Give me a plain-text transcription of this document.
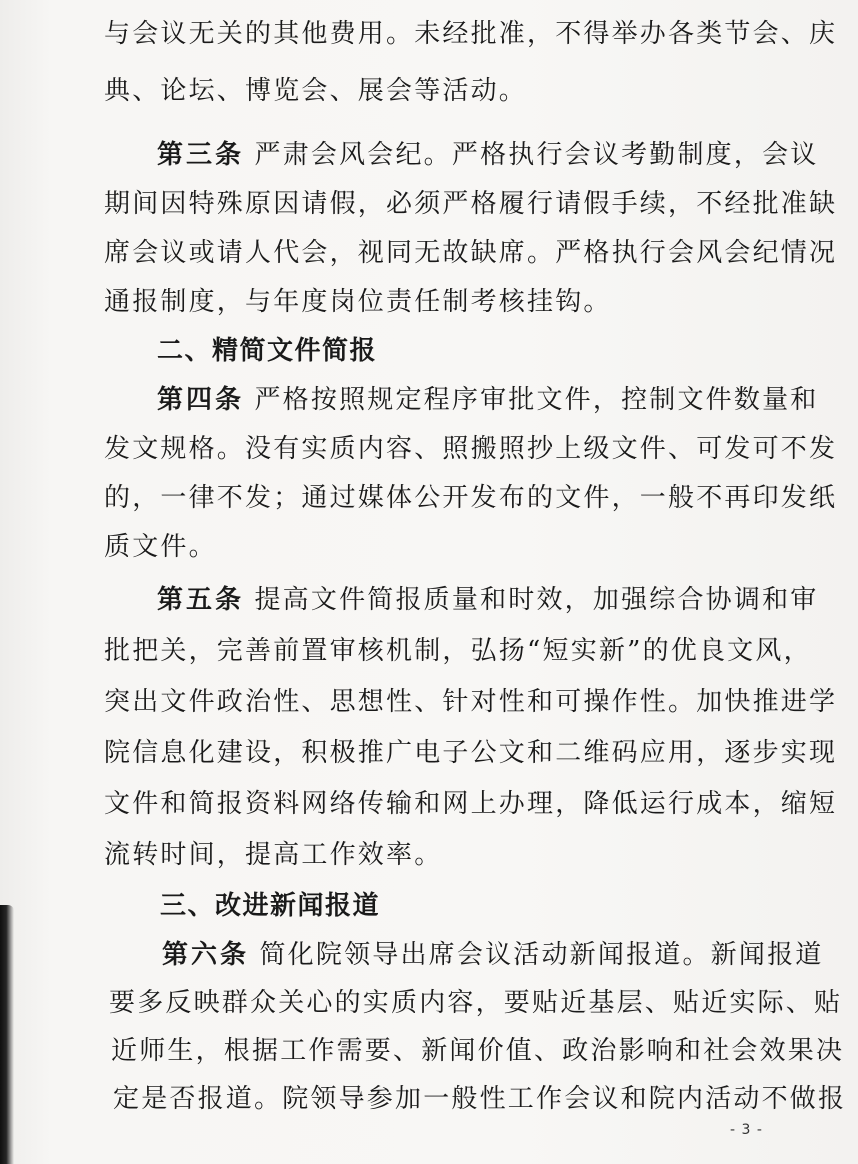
与会议无关的其他费用。未经批准，不得举办各类节会、庆
典、论坛、博览会、展会等活动。
第三条 严肃会风会纪。严格执行会议考勤制度，会议
期间因特殊原因请假，必须严格履行请假手续，不经批准缺
席会议或请人代会，视同无故缺席。严格执行会风会纪情况
通报制度，与年度岗位责任制考核挂钩。
二、精简文件简报
第四条 严格按照规定程序审批文件，控制文件数量和
发文规格。没有实质内容、照搬照抄上级文件、可发可不发
的，一律不发；通过媒体公开发布的文件，一般不再印发纸
质文件。
第五条 提高文件简报质量和时效，加强综合协调和审
批把关，完善前置审核机制，弘扬“短实新”的优良文风，
突出文件政治性、思想性、针对性和可操作性。加快推进学
院信息化建设，积极推广电子公文和二维码应用，逐步实现
文件和简报资料网络传输和网上办理，降低运行成本，缩短
流转时间，提高工作效率。
三、改进新闻报道
第六条 简化院领导出席会议活动新闻报道。新闻报道
要多反映群众关心的实质内容，要贴近基层、贴近实际、贴
近师生，根据工作需要、新闻价值、政治影响和社会效果决
定是否报道。院领导参加一般性工作会议和院内活动不做报
- 3 -
